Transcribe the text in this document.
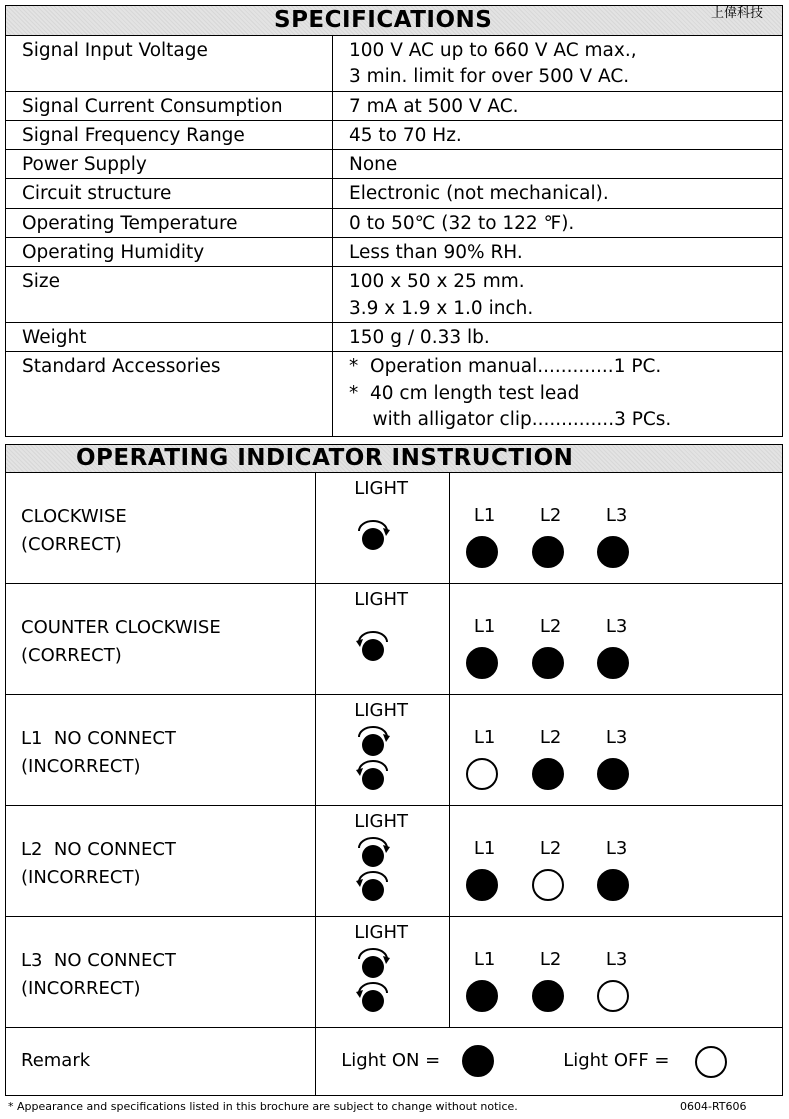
SPECIFICATIONS	上偉科技
Signal Input Voltage	100 V AC up to 660 V AC max.,
3 min. limit for over 500 V AC.
Signal Current Consumption	7 mA at 500 V AC.
Signal Frequency Range	45 to 70 Hz.
Power Supply	None
Circuit structure	Electronic (not mechanical).
Operating Temperature	0 to 50℃ (32 to 122 ℉).
Operating Humidity	Less than 90% RH.
Size	100 x 50 x 25 mm.
3.9 x 1.9 x 1.0 inch.
Weight	150 g / 0.33 lb.
Standard Accessories	*  Operation manual.............1 PC.
*  40 cm length test lead
with alligator clip..............3 PCs.
OPERATING INDICATOR INSTRUCTION
CLOCKWISE
(CORRECT)	LIGHT	L1 L2 L3

COUNTER CLOCKWISE
(CORRECT)	LIGHT	L1 L2 L3

L1  NO CONNECT
(INCORRECT)	LIGHT	L1 L2 L3

L2  NO CONNECT
(INCORRECT)	LIGHT	L1 L2 L3

L3  NO CONNECT
(INCORRECT)	LIGHT	L1 L2 L3

Remark	Light ON = Light OFF =	
* Appearance and specifications listed in this brochure are subject to change without notice.	0604-RT606
